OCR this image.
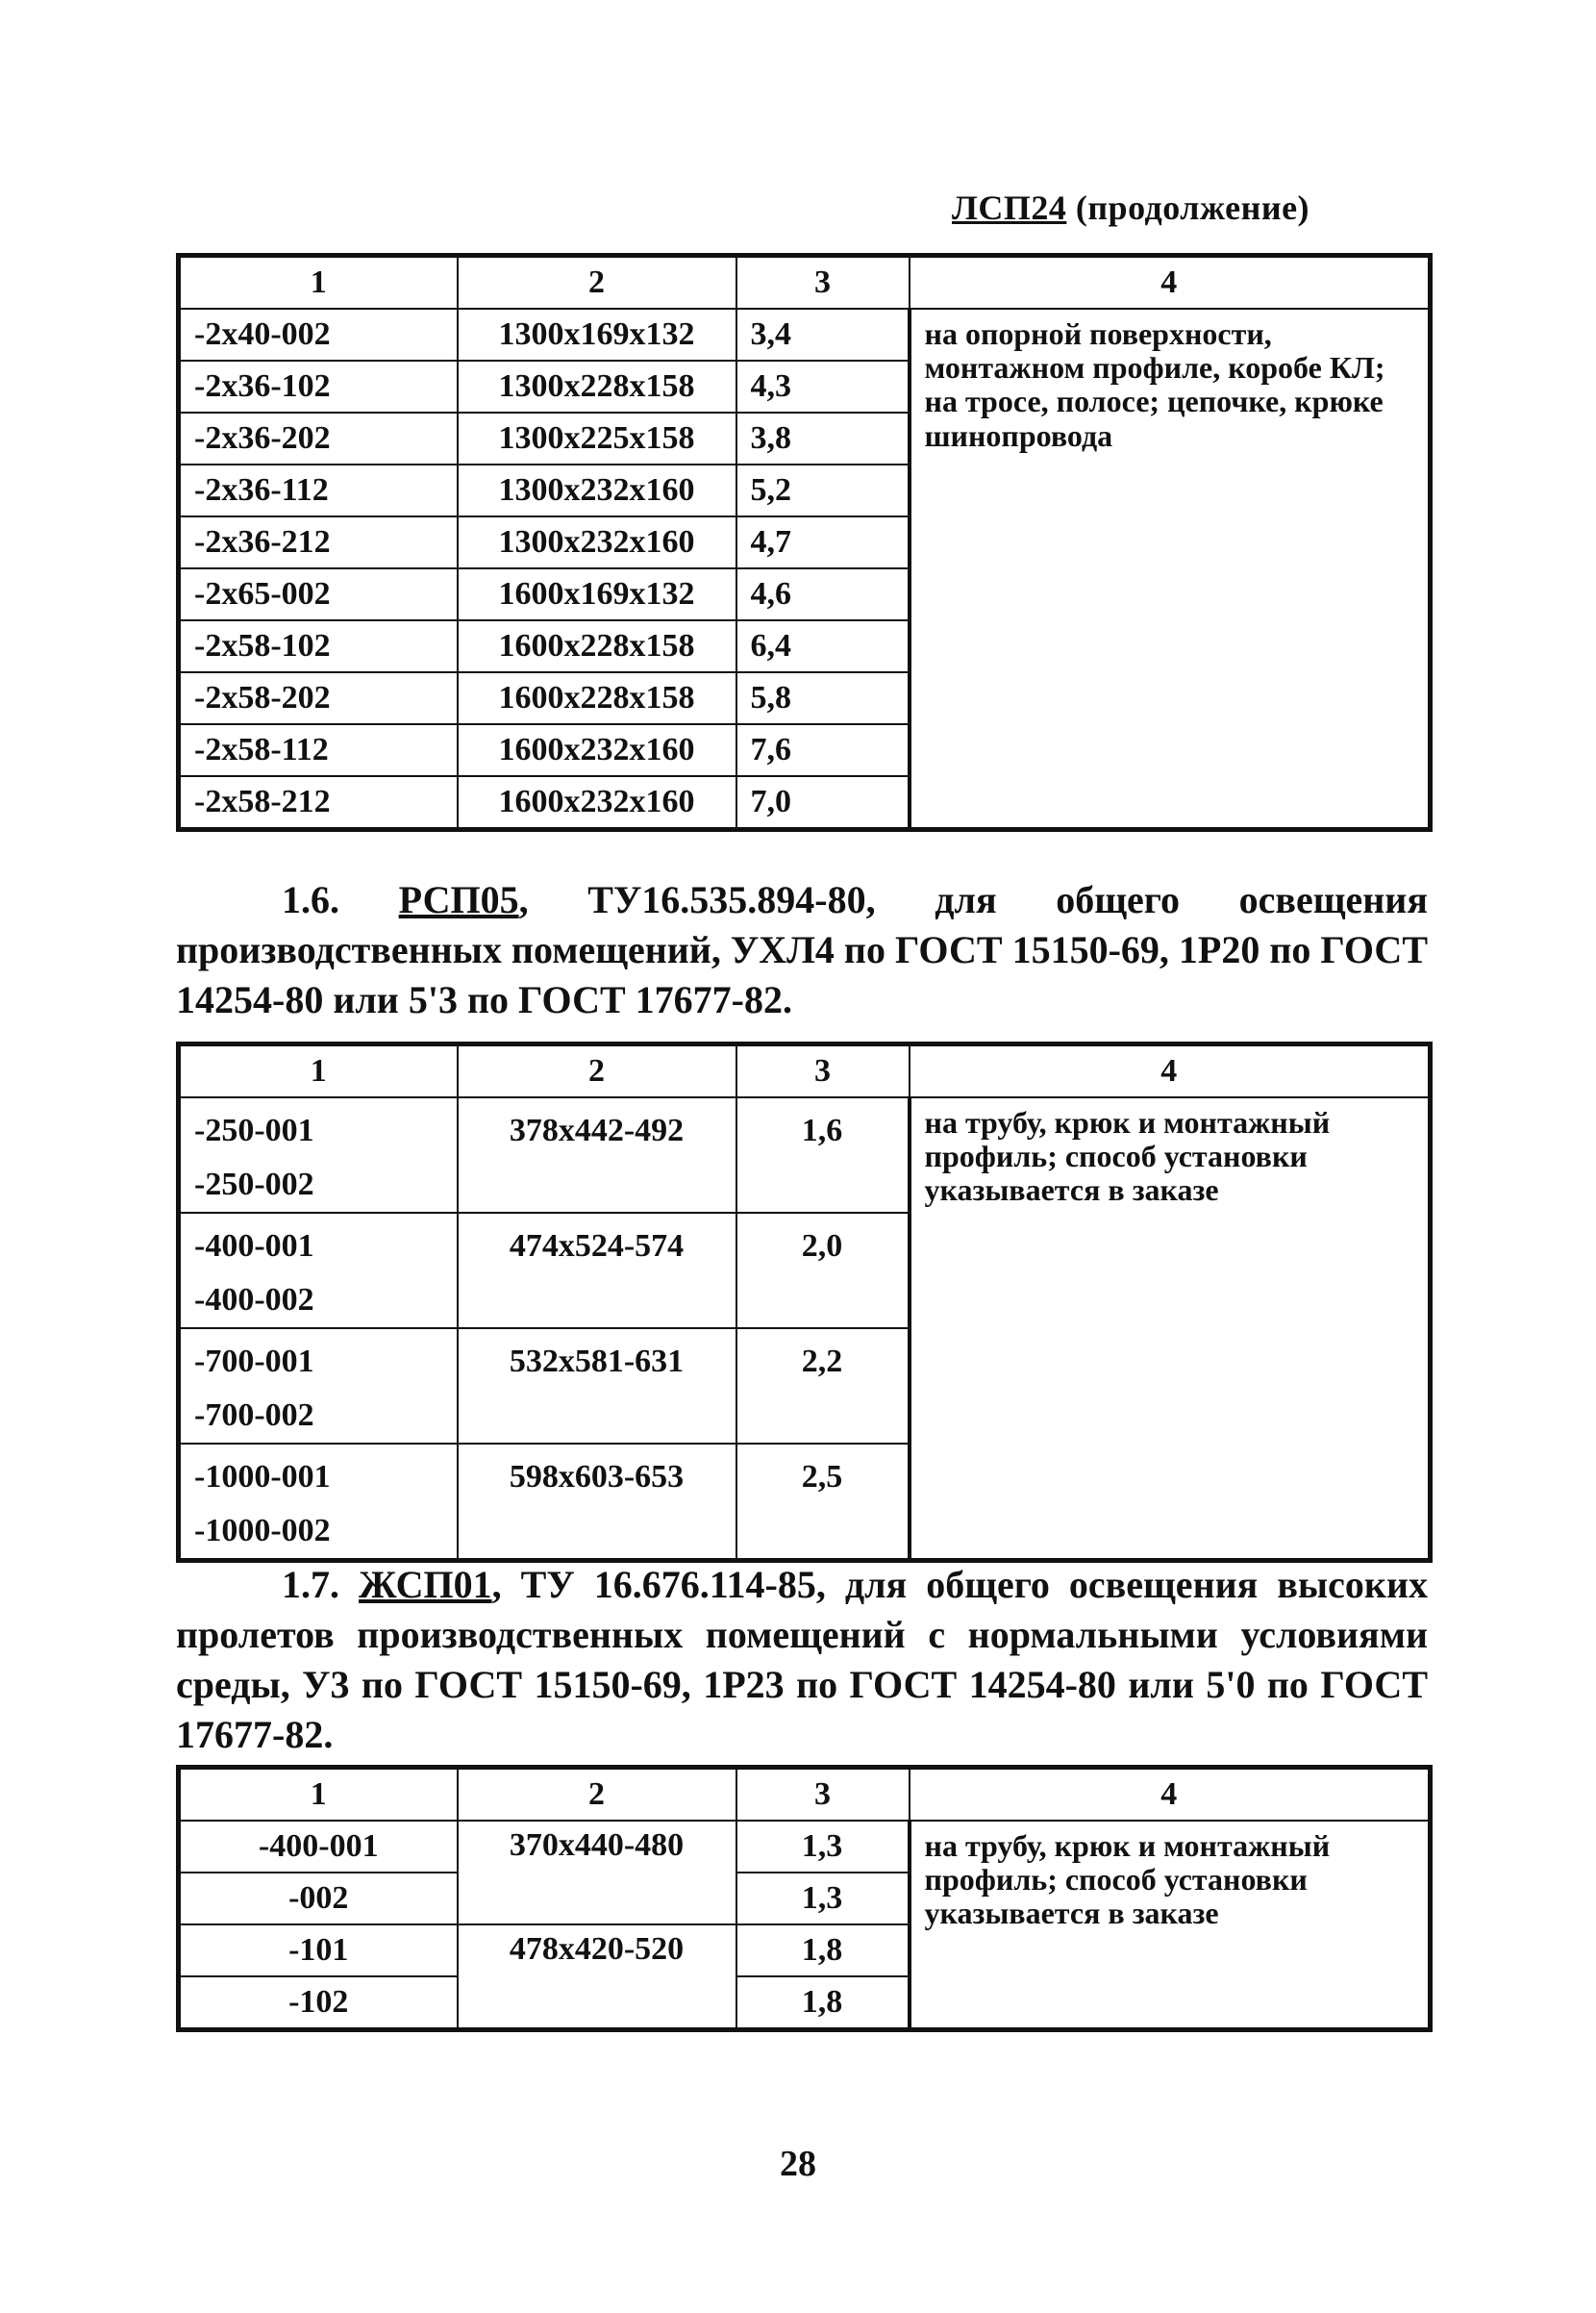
ЛСП24 (продолжение)
1	2	3	4
-2x40-002	1300x169x132	3,4	на опорной поверхности, монтажном профиле, коробе КЛ; на тросе, полосе; цепочке, крюке шинопровода
-2x36-102	1300x228x158	4,3	
-2x36-202	1300x225x158	3,8	
-2x36-112	1300x232x160	5,2	
-2x36-212	1300x232x160	4,7	
-2x65-002	1600x169x132	4,6	
-2x58-102	1600x228x158	6,4	
-2x58-202	1600x228x158	5,8	
-2x58-112	1600x232x160	7,6	
-2x58-212	1600x232x160	7,0	
1.6. РСП05, ТУ16.535.894-80, для общего освещения производственных помещений, УХЛ4 по ГОСТ 15150-69, 1Р20 по ГОСТ 14254-80 или 5'3 по ГОСТ 17677-82.
1	2	3	4

-250-001
-250-002	378x442-492	1,6	на трубу, крюк и монтажный профиль; способ установки указывается в заказе

-400-001
-400-002	474x524-574	2,0	

-700-001
-700-002	532x581-631	2,2	

-1000-001
-1000-002	598x603-653	2,5	
1.7. ЖСП01, ТУ 16.676.114-85, для общего освещения высоких пролетов производственных помещений с нормальными условиями среды, У3 по ГОСТ 15150-69, 1Р23 по ГОСТ 14254-80 или 5'0 по ГОСТ 17677-82.
1	2	3	4
-400-001	370x440-480	1,3	на трубу, крюк и монтажный профиль; способ установки указывается в заказе
-002		1,3	
-101	478x420-520	1,8	
-102		1,8	
28
